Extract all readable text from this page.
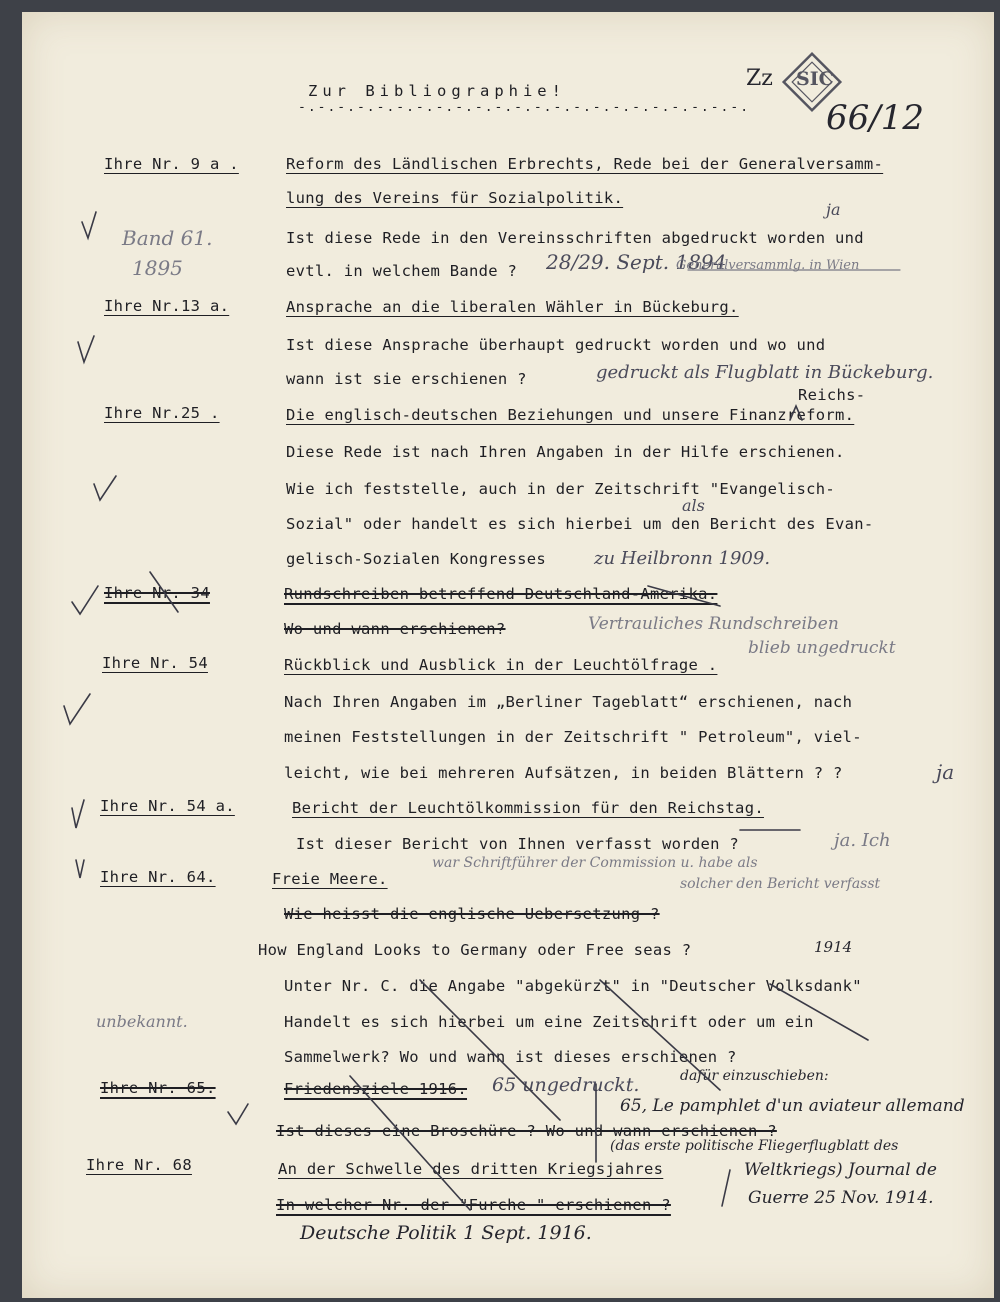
Zur Bibliographie!
-.-.-.-.-.-.-.-.-.-.-.-.-.-.-.-.-.-.-.-.-.-.-.
Zz SIC
66/12
Ihre Nr. 9 a .	Reform des Ländlischen Erbrechts, Rede bei der Generalversamm-
lung des Vereins für Sozialpolitik.
Ist diese Rede in den Vereinsschriften abgedruckt worden und
evtl. in welchem Bande ?
ja
28/29. Sept. 1894
Generalversammlg. in Wien
Band 61.
1895
Ihre Nr.13 a.	Ansprache an die liberalen Wähler in Bückeburg.
Ist diese Ansprache überhaupt gedruckt worden und wo und
wann ist sie erschienen ?	gedruckt als Flugblatt in Bückeburg.
Ihre Nr.25 .	Die englisch-deutschen Beziehungen und unsere Finanzreform.
Diese Rede ist nach Ihren Angaben in der Hilfe erschienen.
Wie ich feststelle, auch in der Zeitschrift "Evangelisch-
Sozial" oder handelt es sich hierbei um den Bericht des Evan-
gelisch-Sozialen Kongresses
Reichs-
als
zu Heilbronn 1909.
Ihre Nr. 34	Rundschreiben betreffend Deutschland-Amerika.
Wo und wann erschienen?	Vertrauliches Rundschreiben
blieb ungedruckt
Ihre Nr. 54	Rückblick und Ausblick in der Leuchtölfrage .
Nach Ihren Angaben im „Berliner Tageblatt“ erschienen, nach
meinen Feststellungen in der Zeitschrift " Petroleum", viel-
leicht, wie bei mehreren Aufsätzen, in beiden Blättern ? ?	ja
Ihre Nr. 54 a.	Bericht der Leuchtölkommission für den Reichstag.
Ist dieser Bericht von Ihnen verfasst worden ?	ja. Ich
war Schriftführer der Commission u. habe als
solcher den Bericht verfasst
Ihre Nr. 64.	Freie Meere.
Wie heisst die englische Uebersetzung ?
How England Looks to Germany oder Free seas ?
Unter Nr. C. die Angabe "abgekürzt" in "Deutscher Volksdank"
Handelt es sich hierbei um eine Zeitschrift oder um ein
Sammelwerk? Wo und wann ist dieses erschienen ?
1914
unbekannt.
Ihre Nr. 65.	Friedensziele 1916.
Ist dieses eine Broschüre ? Wo und wann erschienen ?
65 ungedruckt.	dafür einzuschieben:
65, Le pamphlet d'un aviateur allemand
(das erste politische Fliegerflugblatt des
Weltkriegs) Journal de
Guerre 25 Nov. 1914.
Ihre Nr. 68	An der Schwelle des dritten Kriegsjahres
In welcher Nr. der "Furche " erschienen ?
Deutsche Politik 1 Sept. 1916.
